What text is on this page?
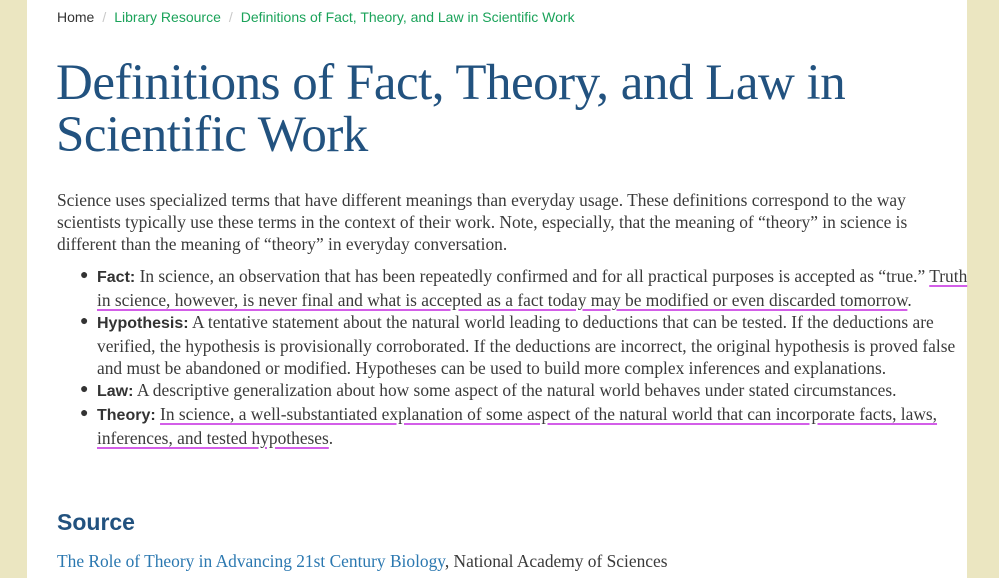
Home / Library Resource / Definitions of Fact, Theory, and Law in Scientific Work
Definitions of Fact, Theory, and Law in Scientific Work

Science uses specialized terms that have different meanings than everyday usage. These definitions correspond to the way scientists typically use these terms in the context of their work. Note, especially, that the meaning of “theory” in science is different than the meaning of “theory” in everyday conversation.

● Fact: In science, an observation that has been repeatedly confirmed and for all practical purposes is accepted as “true.” Truth in science, however, is never final and what is accepted as a fact today may be modified or even discarded tomorrow.
● Hypothesis: A tentative statement about the natural world leading to deductions that can be tested. If the deductions are verified, the hypothesis is provisionally corroborated. If the deductions are incorrect, the original hypothesis is proved false and must be abandoned or modified. Hypotheses can be used to build more complex inferences and explanations.
● Law: A descriptive generalization about how some aspect of the natural world behaves under stated circumstances.
● Theory: In science, a well-substantiated explanation of some aspect of the natural world that can incorporate facts, laws, inferences, and tested hypotheses.
Source

The Role of Theory in Advancing 21st Century Biology, National Academy of Sciences
